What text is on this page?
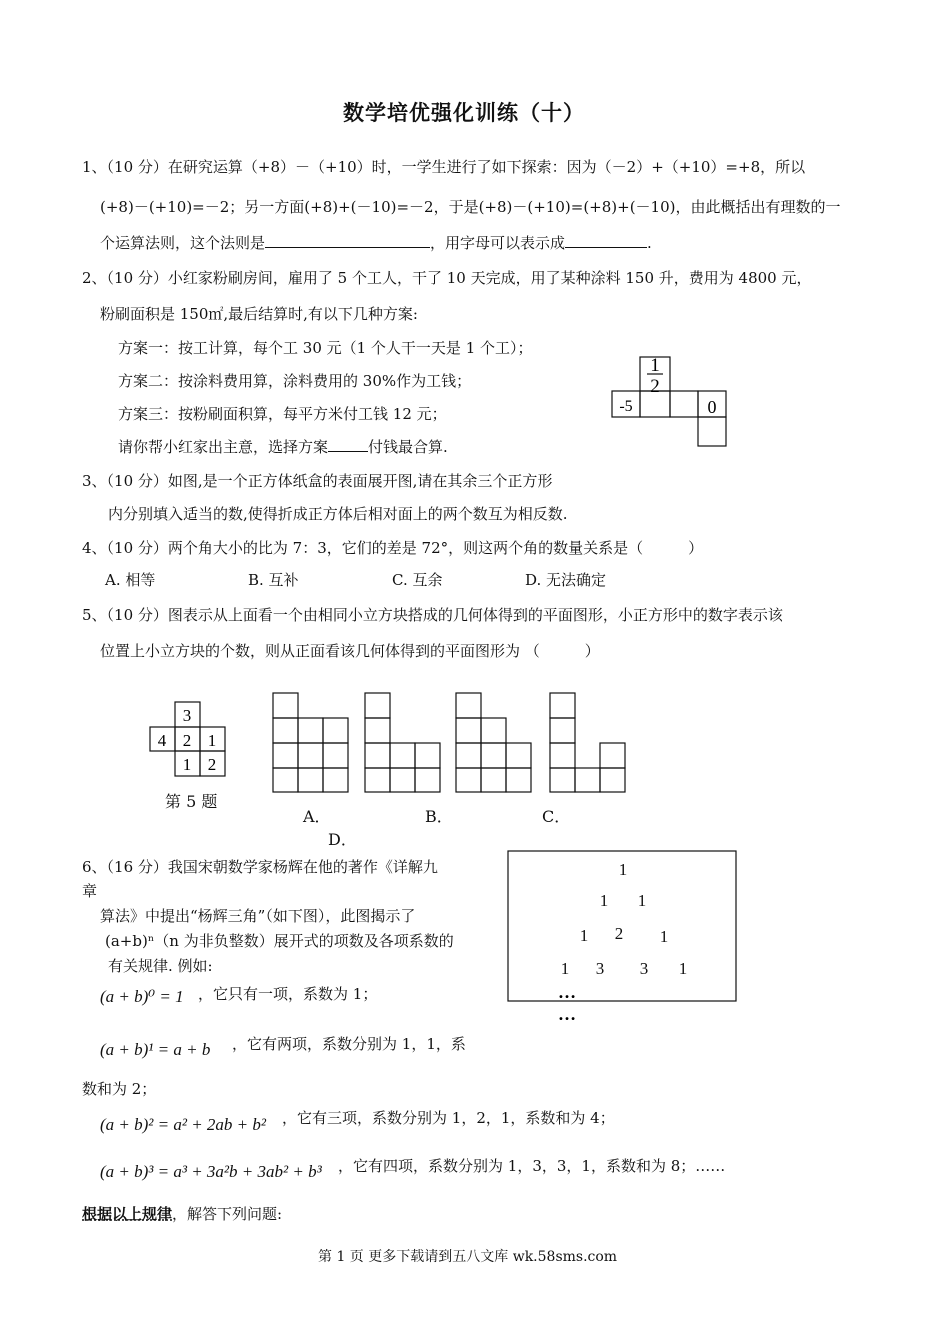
数学培优强化训练（十）
1、（10 分）在研究运算（+8）－（+10）时，一学生进行了如下探索：因为（－2）+（+10）=+8，所以
(+8)－(+10)=－2；另一方面(+8)+(－10)=－2，于是(+8)－(+10)=(+8)+(－10)，由此概括出有理数的一
个运算法则，这个法则是	，用字母可以表示成	.
2、（10 分）小红家粉刷房间，雇用了 5 个工人，干了 10 天完成，用了某种涂料 150 升，费用为 4800 元，
粉刷面积是 150㎡,最后结算时,有以下几种方案:
方案一：按工计算，每个工 30 元（1 个人干一天是 1 个工）；
方案二：按涂料费用算，涂料费用的 30%作为工钱；
方案三：按粉刷面积算，每平方米付工钱 12 元；
请你帮小红家出主意，选择方案	付钱最合算.
1
2
-5	0
3、（10 分）如图,是一个正方体纸盒的表面展开图,请在其余三个正方形
内分别填入适当的数,使得折成正方体后相对面上的两个数互为相反数.
4、（10 分）两个角大小的比为 7：3，它们的差是 72°，则这两个角的数量关系是（　　　）
A. 相等	B. 互补	C. 互余	D. 无法确定
5、（10 分）图表示从上面看一个由相同小立方块搭成的几何体得到的平面图形，小正方形中的数字表示该
位置上小立方块的个数，则从正面看该几何体得到的平面图形为 （　　　）
3
4 2 1
1 2
第 5 题
A．	B．	C．
D．
6、（16 分）我国宋朝数学家杨辉在他的著作《详解九
章
算法》中提出“杨辉三角”（如下图），此图揭示了
(a+b)ⁿ（n 为非负整数）展开式的项数及各项系数的
有关规律. 例如:
1
1 1
1 2 1
1 3 3 1
…
…
(a + b)⁰ = 1 ，它只有一项，系数为 1；
(a + b)¹ = a + b ，它有两项，系数分别为 1，1，系
数和为 2；
(a + b)² = a² + 2ab + b² ，它有三项，系数分别为 1，2，1，系数和为 4；
(a + b)³ = a³ + 3a²b + 3ab² + b³ ，它有四项，系数分别为 1，3，3，1，系数和为 8；……
根据以上规律，解答下列问题:
第 1 页 更多下载请到五八文库 wk.58sms.com
